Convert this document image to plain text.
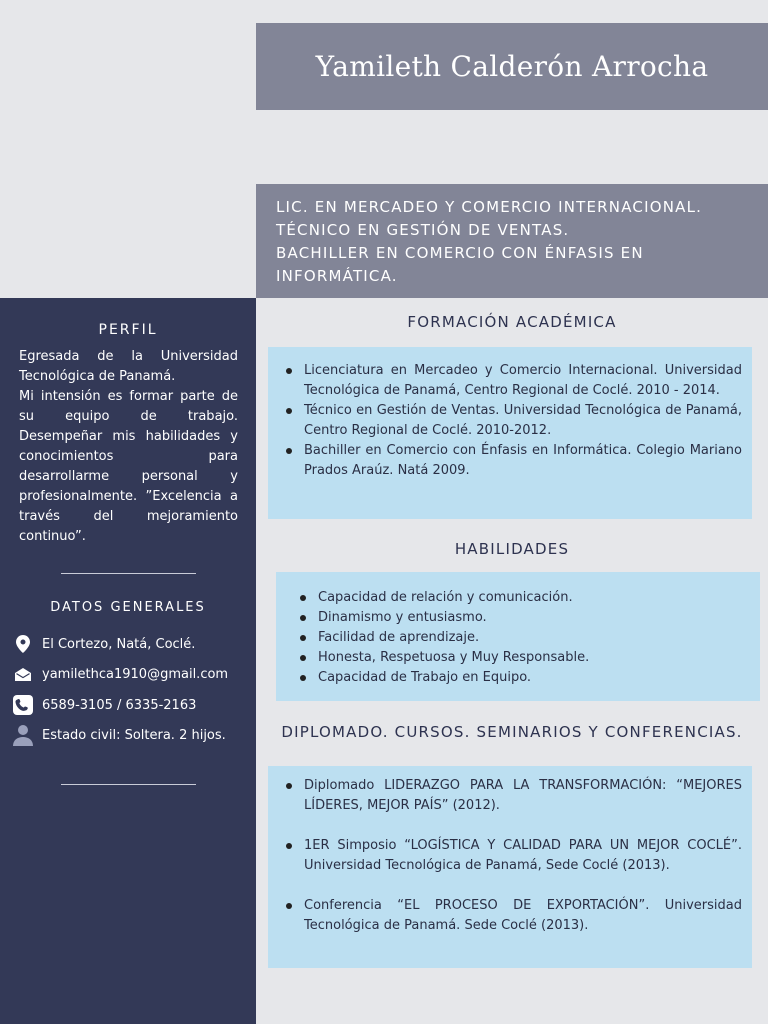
Yamileth Calderón Arrocha
LIC. EN MERCADEO Y COMERCIO INTERNACIONAL.
TÉCNICO EN GESTIÓN DE VENTAS.
BACHILLER EN COMERCIO CON ÉNFASIS EN
INFORMÁTICA.
PERFIL

Egresada de la Universidad Tecnológica de Panamá.

Mi intensión es formar parte de su equipo de trabajo. Desempeñar mis habilidades y conocimientos para desarrollarme personal y profesionalmente. ”Excelencia a través del mejoramiento continuo”.

DATOS GENERALES
El Cortezo, Natá, Coclé.
yamilethca1910@gmail.com
6589-3105 / 6335-2163
Estado civil: Soltera. 2 hijos.
FORMACIÓN ACADÉMICA
Licenciatura en Mercadeo y Comercio Internacional. Universidad Tecnológica de Panamá, Centro Regional de Coclé. 2010 - 2014.
Técnico en Gestión de Ventas. Universidad Tecnológica de Panamá, Centro Regional de Coclé. 2010-2012.
Bachiller en Comercio con Énfasis en Informática. Colegio Mariano Prados Araúz. Natá 2009.
HABILIDADES
Capacidad de relación y comunicación.
Dinamismo y entusiasmo.
Facilidad de aprendizaje.
Honesta, Respetuosa y Muy Responsable.
Capacidad de Trabajo en Equipo.
DIPLOMADO. CURSOS. SEMINARIOS Y CONFERENCIAS.
Diplomado LIDERAZGO PARA LA TRANSFORMACIÓN: “MEJORES LÍDERES, MEJOR PAÍS” (2012).
1ER Simposio “LOGÍSTICA Y CALIDAD PARA UN MEJOR COCLÉ”. Universidad Tecnológica de Panamá, Sede Coclé (2013).
Conferencia “EL PROCESO DE EXPORTACIÓN”. Universidad Tecnológica de Panamá. Sede Coclé (2013).
